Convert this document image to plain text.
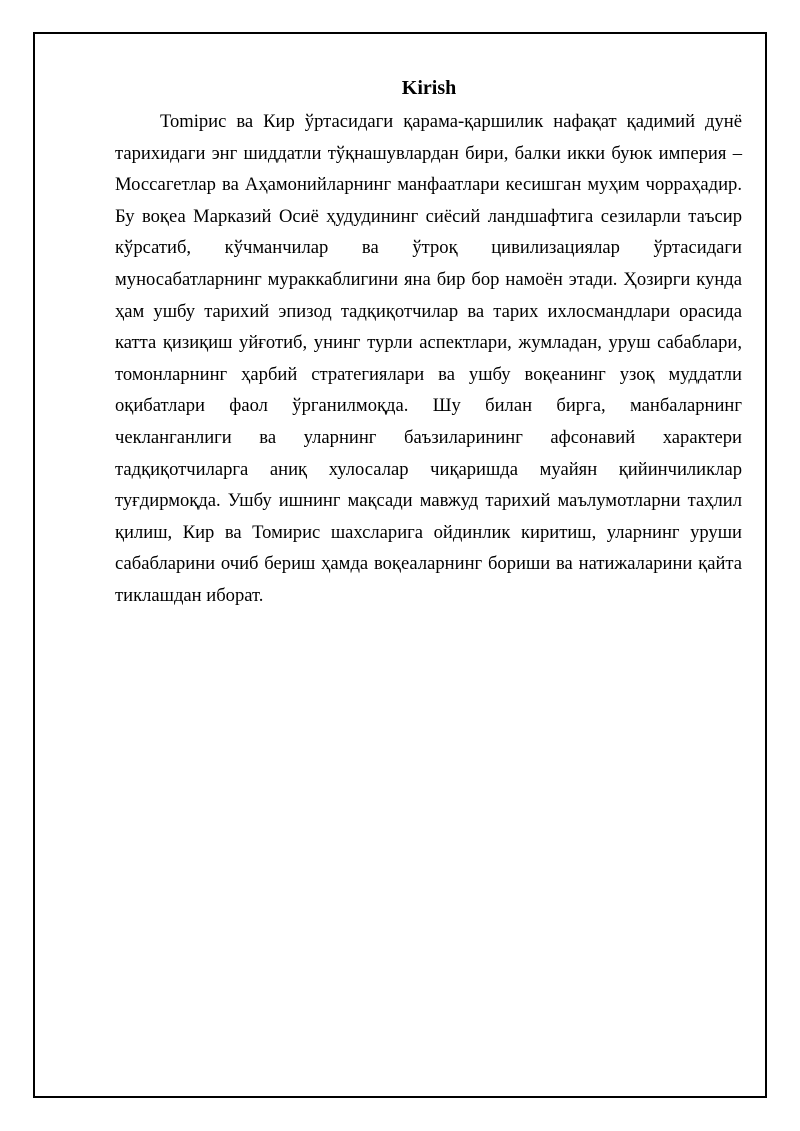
Kirish

Тоmiрис ва Кир ўртасидаги қарама-қаршилик нафақат қадимий дунё тарихидаги энг шиддатли тўқнашувлардан бири, балки икки буюк империя – Моссагетлар ва Аҳамонийларнинг манфаатлари кесишган муҳим чорраҳадир. Бу воқеа Марказий Осиё ҳудудининг сиёсий ландшафтига сезиларли таъсир кўрсатиб, кўчманчилар ва ўтроқ цивилизациялар ўртасидаги муносабатларнинг мураккаблигини яна бир бор намоён этади. Ҳозирги кунда ҳам ушбу тарихий эпизод тадқиқотчилар ва тарих ихлосмандлари орасида катта қизиқиш уйғотиб, унинг турли аспектлари, жумладан, уруш сабаблари, томонларнинг ҳарбий стратегиялари ва ушбу воқеанинг узоқ муддатли оқибатлари фаол ўрганилмоқда. Шу билан бирга, манбаларнинг чекланганлиги ва уларнинг баъзиларининг афсонавий характери тадқиқотчиларга аниқ хулосалар чиқаришда муайян қийинчиликлар туғдирмоқда. Ушбу ишнинг мақсади мавжуд тарихий маълумотларни таҳлил қилиш, Кир ва Томирис шахсларига ойдинлик киритиш, уларнинг уруши сабабларини очиб бериш ҳамда воқеаларнинг бориши ва натижаларини қайта тиклашдан иборат.
